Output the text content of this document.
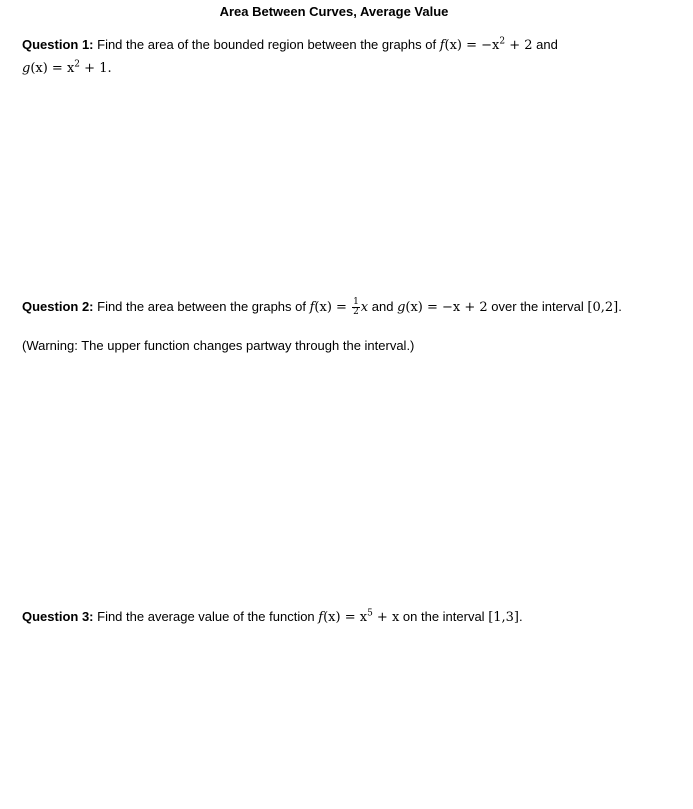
Area Between Curves, Average Value
Question 1: Find the area of the bounded region between the graphs of $f(x) = -x^2 + 2$ and
$g(x) = x^2 + 1$.
Question 2: Find the area between the graphs of $f(x) = \frac{1}{2}$ x and g(x) = −x + 2 over the interval [0,2].
(Warning: The upper function changes partway through the interval.)
Question 3: Find the average value of the function $f(x) = x^5 + x$ on the interval [1,3].
